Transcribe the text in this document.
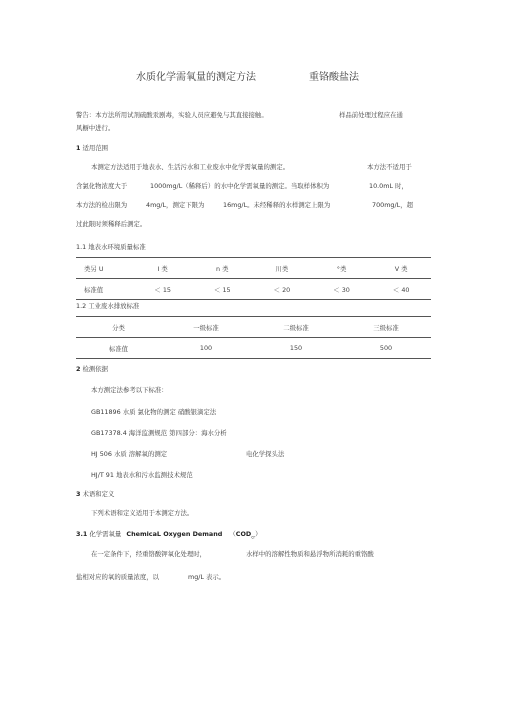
水质化学需氧量的测定方法	重铬酸盐法
警告：本方法所用试剂硫酸汞剧毒，实验人员应避免与其直接接触。	样品前处理过程应在通
风橱中进行。
1 适用范围
本测定方法适用于地表水、生活污水和工业废水中化学需氧量的测定。	本方法不适用于
含氯化物浓度大于	1000mg/L（稀释后）的水中化学需氧量的测定。当取样体积为	10.0mL 时，
本方法的检出限为	4mg/L，测定下限为	16mg/L。未经稀释的水样测定上限为	700mg/L，超
过此限时须稀释后测定。
1.1 地表水环境质量标准
类另 U	I 类	n 类	川类	°类	V 类
标准值	＜ 15	＜ 15	＜ 20	＜ 30	＜ 40
1.2 工业废水排放标准
分类	一级标准	二级标准	三级标准
标准值	100	150	500
2 检测依据
本方测定法参考以下标准：
GB11896 水质 氯化物的测定 硝酸银滴定法
GB17378.4 海洋监测规范 第四部分：海水分析
HJ 506 水质 溶解氧的测定	电化学探头法
HJ/T 91 地表水和污水监测技术规范
3 术语和定义
下列术语和定义适用于本测定方法。
3.1 化学需氧量 ChemicaL Oxygen Demand $(COD_{cr})$
在一定条件下，经重铬酸钾氧化处理时，	水样中的溶解性物质和悬浮物所消耗的重铬酸
盐相对应的氧的质量浓度，以	mg/L 表示。
